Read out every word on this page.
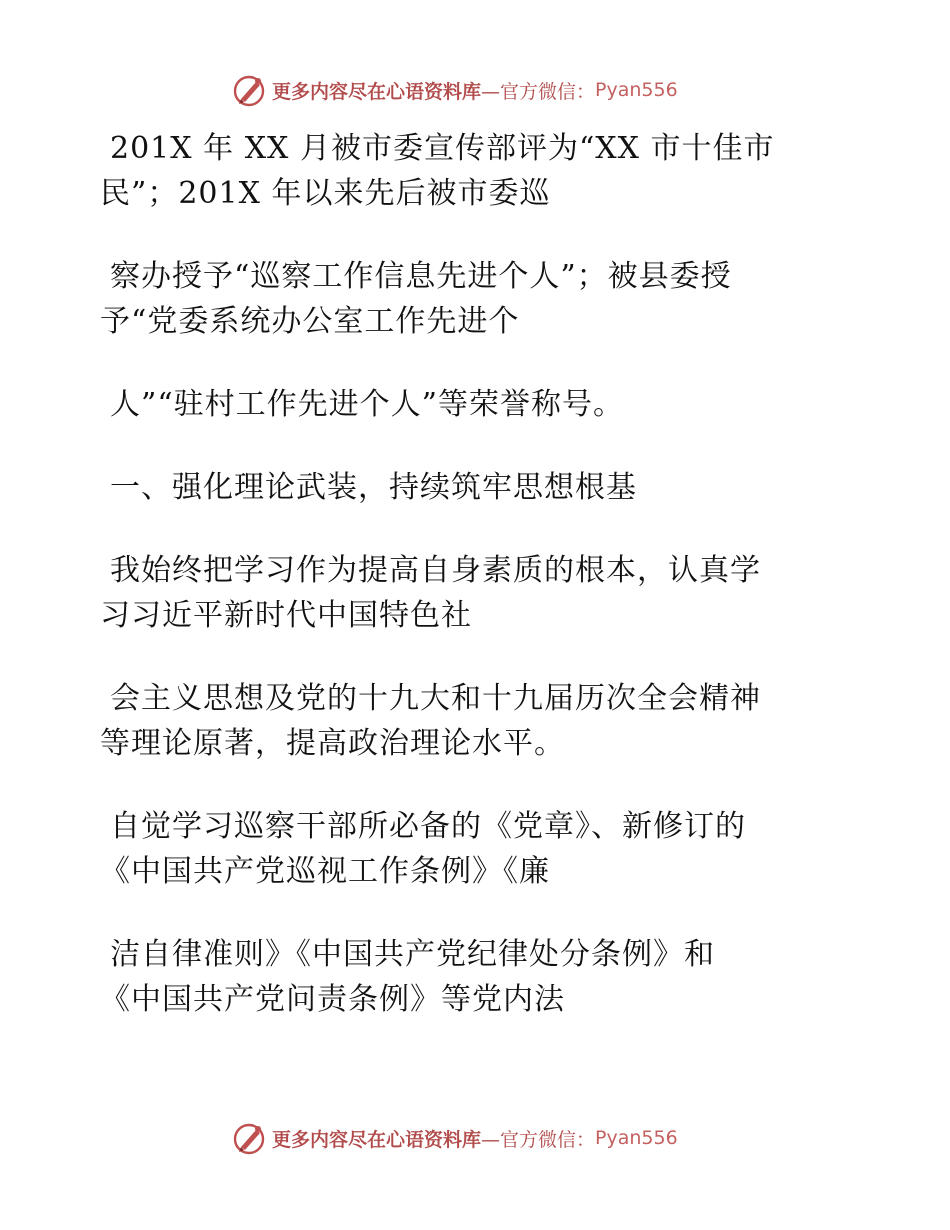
更多内容尽在心语资料库 —官方微信： Pyan556

201X 年 XX 月被市委宣传部评为“XX 市十佳市
民”；201X 年以来先后被市委巡

察办授予“巡察工作信息先进个人”；被县委授
予“党委系统办公室工作先进个

人”“驻村工作先进个人”等荣誉称号。

一、强化理论武装，持续筑牢思想根基

我始终把学习作为提高自身素质的根本，认真学
习习近平新时代中国特色社

会主义思想及党的十九大和十九届历次全会精神
等理论原著，提高政治理论水平。

自觉学习巡察干部所必备的《党章》、新修订的
《中国共产党巡视工作条例》《廉

洁自律准则》《中国共产党纪律处分条例》和
《中国共产党问责条例》等党内法

更多内容尽在心语资料库 —官方微信： Pyan556
